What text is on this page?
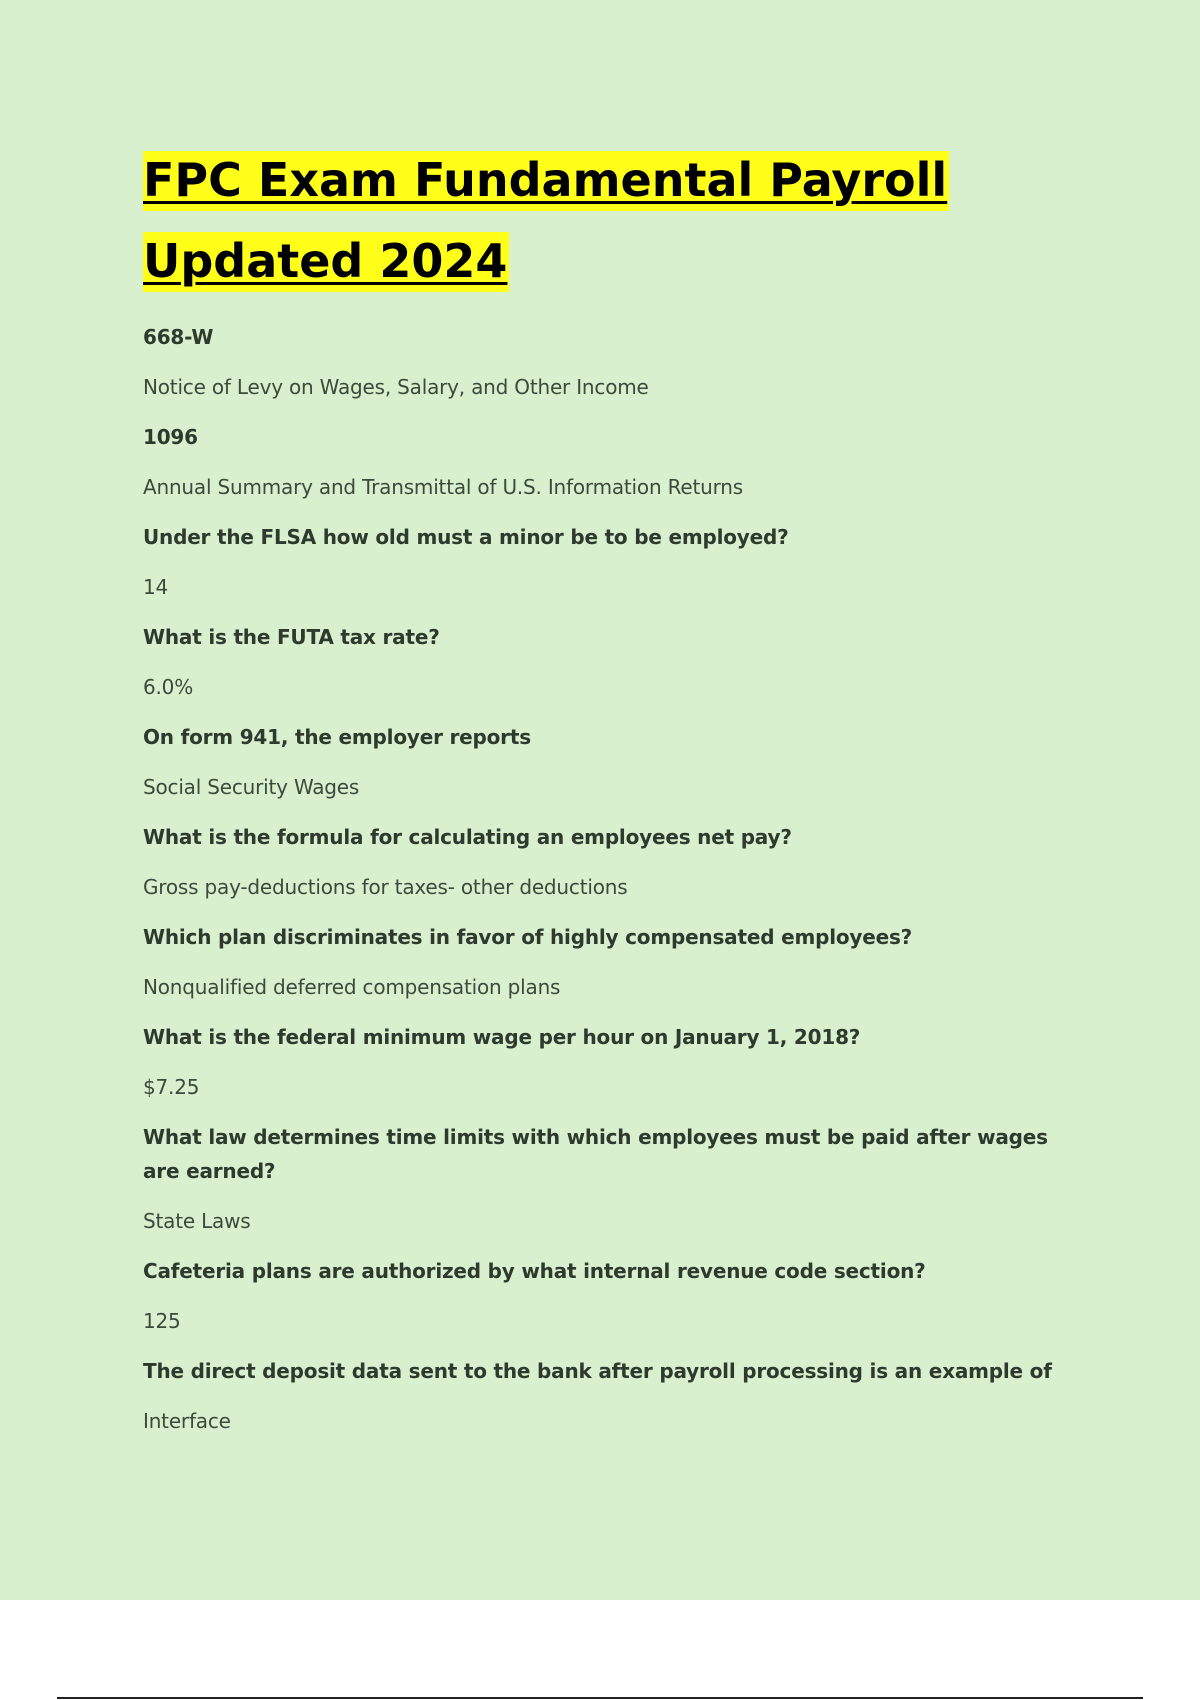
FPC Exam Fundamental Payroll
Updated 2024

668-W

Notice of Levy on Wages, Salary, and Other Income

1096

Annual Summary and Transmittal of U.S. Information Returns

Under the FLSA how old must a minor be to be employed?

14

What is the FUTA tax rate?

6.0%

On form 941, the employer reports

Social Security Wages

What is the formula for calculating an employees net pay?

Gross pay-deductions for taxes- other deductions

Which plan discriminates in favor of highly compensated employees?

Nonqualified deferred compensation plans

What is the federal minimum wage per hour on January 1, 2018?

$7.25

What law determines time limits with which employees must be paid after wages are earned?

State Laws

Cafeteria plans are authorized by what internal revenue code section?

125

The direct deposit data sent to the bank after payroll processing is an example of

Interface
